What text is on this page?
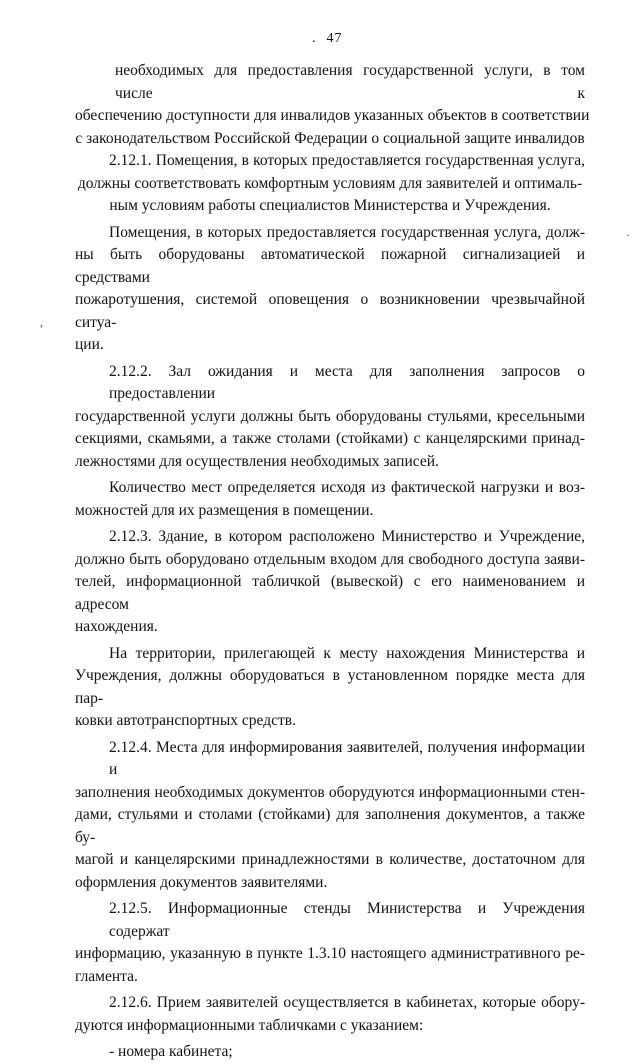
. 47
,
·
необходимых для предоставления государственной услуги, в том числе к
обеспечению доступности для инвалидов указанных объектов в соответствии
с законодательством Российской Федерации о социальной защите инвалидов
2.12.1. Помещения, в которых предоставляется государственная услуга,
должны соответствовать комфортным условиям для заявителей и оптималь-
ным условиям работы специалистов Министерства и Учреждения.
Помещения, в которых предоставляется государственная услуга, долж-
ны быть оборудованы автоматической пожарной сигнализацией и средствами
пожаротушения, системой оповещения о возникновении чрезвычайной ситуа-
ции.
2.12.2. Зал ожидания и места для заполнения запросов о предоставлении
государственной услуги должны быть оборудованы стульями, кресельными
секциями, скамьями, а также столами (стойками) с канцелярскими принад-
лежностями для осуществления необходимых записей.
Количество мест определяется исходя из фактической нагрузки и воз-
можностей для их размещения в помещении.
2.12.3. Здание, в котором расположено Министерство и Учреждение,
должно быть оборудовано отдельным входом для свободного доступа заяви-
телей, информационной табличкой (вывеской) с его наименованием и адресом
нахождения.
На территории, прилегающей к месту нахождения Министерства и
Учреждения, должны оборудоваться в установленном порядке места для пар-
ковки автотранспортных средств.
2.12.4. Места для информирования заявителей, получения информации и
заполнения необходимых документов оборудуются информационными стен-
дами, стульями и столами (стойками) для заполнения документов, а также бу-
магой и канцелярскими принадлежностями в количестве, достаточном для
оформления документов заявителями.
2.12.5. Информационные стенды Министерства и Учреждения содержат
информацию, указанную в пункте 1.3.10 настоящего административного ре-
гламента.
2.12.6. Прием заявителей осуществляется в кабинетах, которые обору-
дуются информационными табличками с указанием:
- номера кабинета;
